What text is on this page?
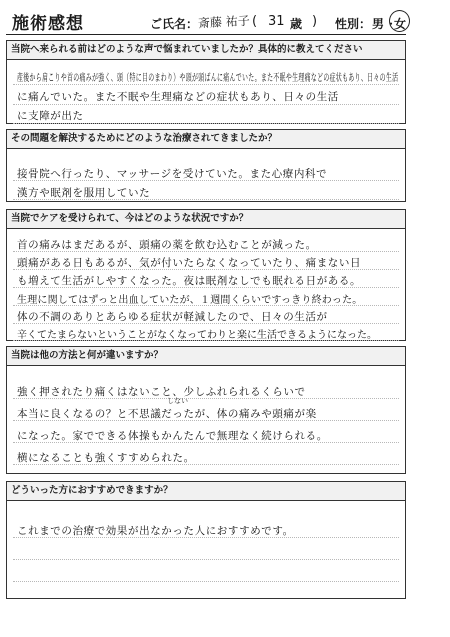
施術感想	ご氏名： 斎藤 祐子 ( 31 歳 ) 性別： 男 ・
女
当院へ来られる前はどのような声で悩まれていましたか？具体的に教えてください
産後から肩こりや首の痛みが強く、頭（特に目のまわり）や頭が頭ばんに痛んでいた。また不眠や生理痛などの症状もあり、日々の生活
に痛んでいた。また不眠や生理痛などの症状もあり、日々の生活
に支障が出た
その問題を解決するためにどのような治療されてきましたか？
接骨院へ行ったり、マッサージを受けていた。また心療内科で
漢方や眠剤を服用していた
当院でケアを受けられて、今はどのような状況ですか？
首の痛みはまだあるが、頭痛の薬を飲む込むことが減った。
頭痛がある日もあるが、気が付いたらなくなっていたり、痛まない日
も増えて生活がしやすくなった。夜は眠剤なしでも眠れる日がある。
生理に関してはずっと出血していたが、１週間くらいですっきり終わった。
体の不調のありとあらゆる症状が軽減したので、日々の生活が
辛くてたまらないということがなくなってわりと楽に生活できるようになった。
当院は他の方法と何が違いますか？
強く押されたり痛くはないこと、少しふれられるくらいで
しない
本当に良くなるの？と不思議だったが、体の痛みや頭痛が楽
になった。家でできる体操もかんたんで無理なく続けられる。
横になることも強くすすめられた。
どういった方におすすめできますか？
これまでの治療で効果が出なかった人におすすめです。
